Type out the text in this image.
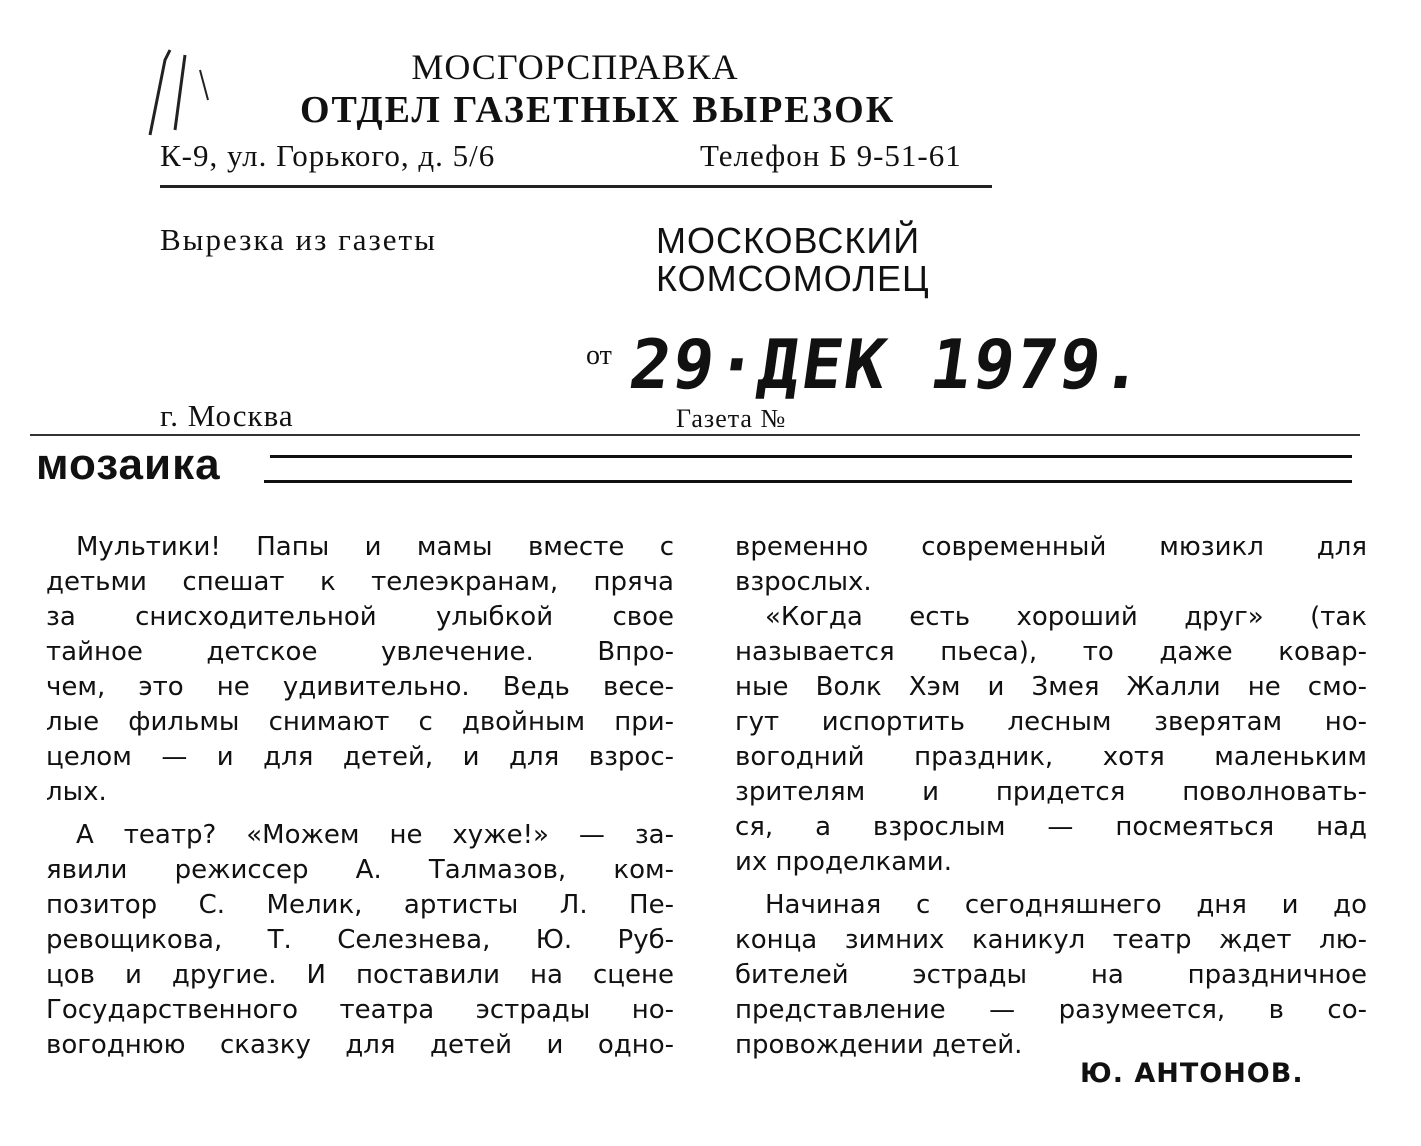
МОСГОРСПРАВКА
ОТДЕЛ ГАЗЕТНЫХ ВЫРЕЗОК
К-9, ул. Горького, д. 5/6	Телефон Б 9-51-61
Вырезка из газеты	МОСКОВСКИЙ
КОМСОМОЛЕЦ
от 29·ДЕК 1979.
г. Москва	Газета №
мозаика

Мультики! Папы и мамы вместе с

детьми спешат к телеэкранам, пряча

за снисходительной улыбкой свое

тайное детское увлечение. Впро-

чем, это не удивительно. Ведь весе-

лые фильмы снимают с двойным при-

целом — и для детей, и для взрос-

лых.

А театр? «Можем не хуже!» — за-

явили режиссер А. Талмазов, ком-

позитор С. Мелик, артисты Л. Пе-

ревощикова, Т. Селезнева, Ю. Руб-

цов и другие. И поставили на сцене

Государственного театра эстрады но-

вогоднюю сказку для детей и одно-

временно современный мюзикл для

взрослых.

«Когда есть хороший друг» (так

называется пьеса), то даже ковар-

ные Волк Хэм и Змея Жалли не смо-

гут испортить лесным зверятам но-

вогодний праздник, хотя маленьким

зрителям и придется поволновать-

ся, а взрослым — посмеяться над

их проделками.

Начиная с сегодняшнего дня и до

конца зимних каникул театр ждет лю-

бителей эстрады на праздничное

представление — разумеется, в со-

провождении детей.

Ю. АНТОНОВ.
